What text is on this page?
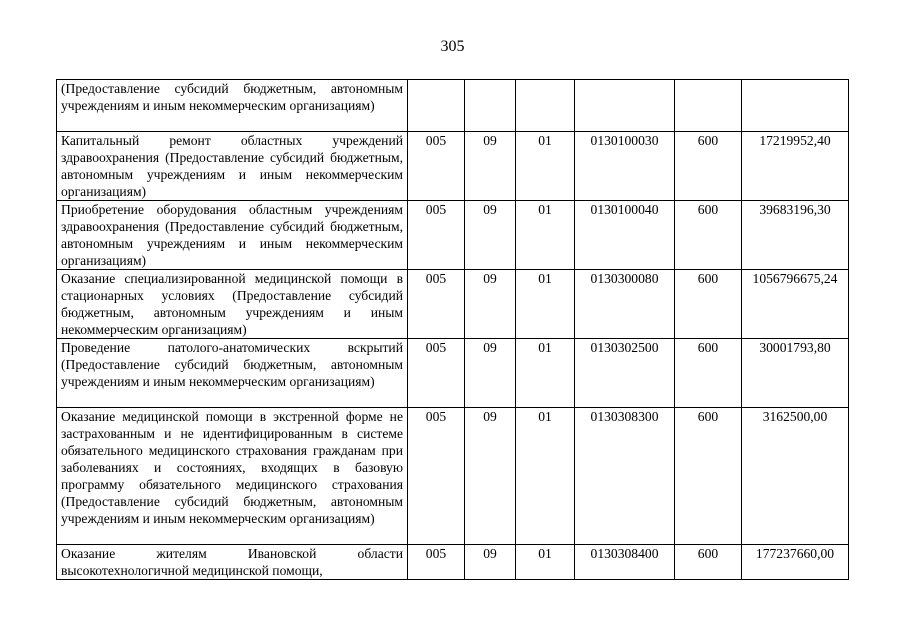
305
(Предоставление субсидий бюджетным, автономным учреждениям и иным некоммерческим организациям)						
Капитальный ремонт областных учреждений здравоохранения (Предоставление субсидий бюджетным, автономным учреждениям и иным некоммерческим организациям)	005	09	01	0130100030	600	17219952,40
Приобретение оборудования областным учреждениям здравоохранения (Предоставление субсидий бюджетным, автономным учреждениям и иным некоммерческим организациям)	005	09	01	0130100040	600	39683196,30
Оказание специализированной медицинской помощи в стационарных условиях (Предоставление субсидий бюджетным, автономным учреждениям и иным некоммерческим организациям)	005	09	01	0130300080	600	1056796675,24
Проведение патолого-анатомических вскрытий (Предоставление субсидий бюджетным, автономным учреждениям и иным некоммерческим организациям)	005	09	01	0130302500	600	30001793,80
Оказание медицинской помощи в экстренной форме не застрахованным и не идентифицированным в системе обязательного медицинского страхования гражданам при заболеваниях и состояниях, входящих в базовую программу обязательного медицинского страхования (Предоставление субсидий бюджетным, автономным учреждениям и иным некоммерческим организациям)	005	09	01	0130308300	600	3162500,00
Оказание жителям Ивановской области высокотехнологичной медицинской помощи,	005	09	01	0130308400	600	177237660,00
